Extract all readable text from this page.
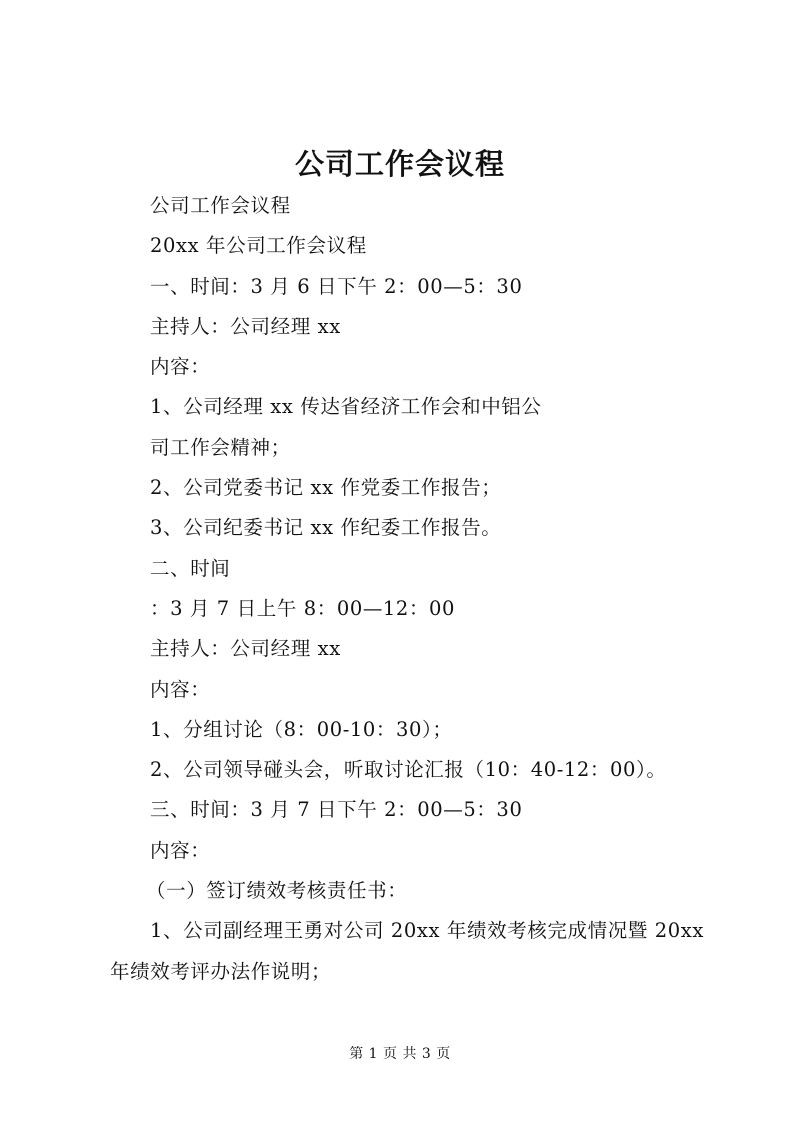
公司工作会议程
公司工作会议程
20xx 年公司工作会议程
一、时间：3 月 6 日下午 2：00—5：30
主持人：公司经理 xx
内容：
1、公司经理 xx 传达省经济工作会和中铝公
司工作会精神；
2、公司党委书记 xx 作党委工作报告；
3、公司纪委书记 xx 作纪委工作报告。
二、时间
：3 月 7 日上午 8：00—12：00
主持人：公司经理 xx
内容：
1、分组讨论（8：00-10：30）；
2、公司领导碰头会，听取讨论汇报（10：40-12：00）。
三、时间：3 月 7 日下午 2：00—5：30
内容：
（一）签订绩效考核责任书：
1、公司副经理王勇对公司 20xx 年绩效考核完成情况暨 20xx
年绩效考评办法作说明；
第 1 页 共 3 页
